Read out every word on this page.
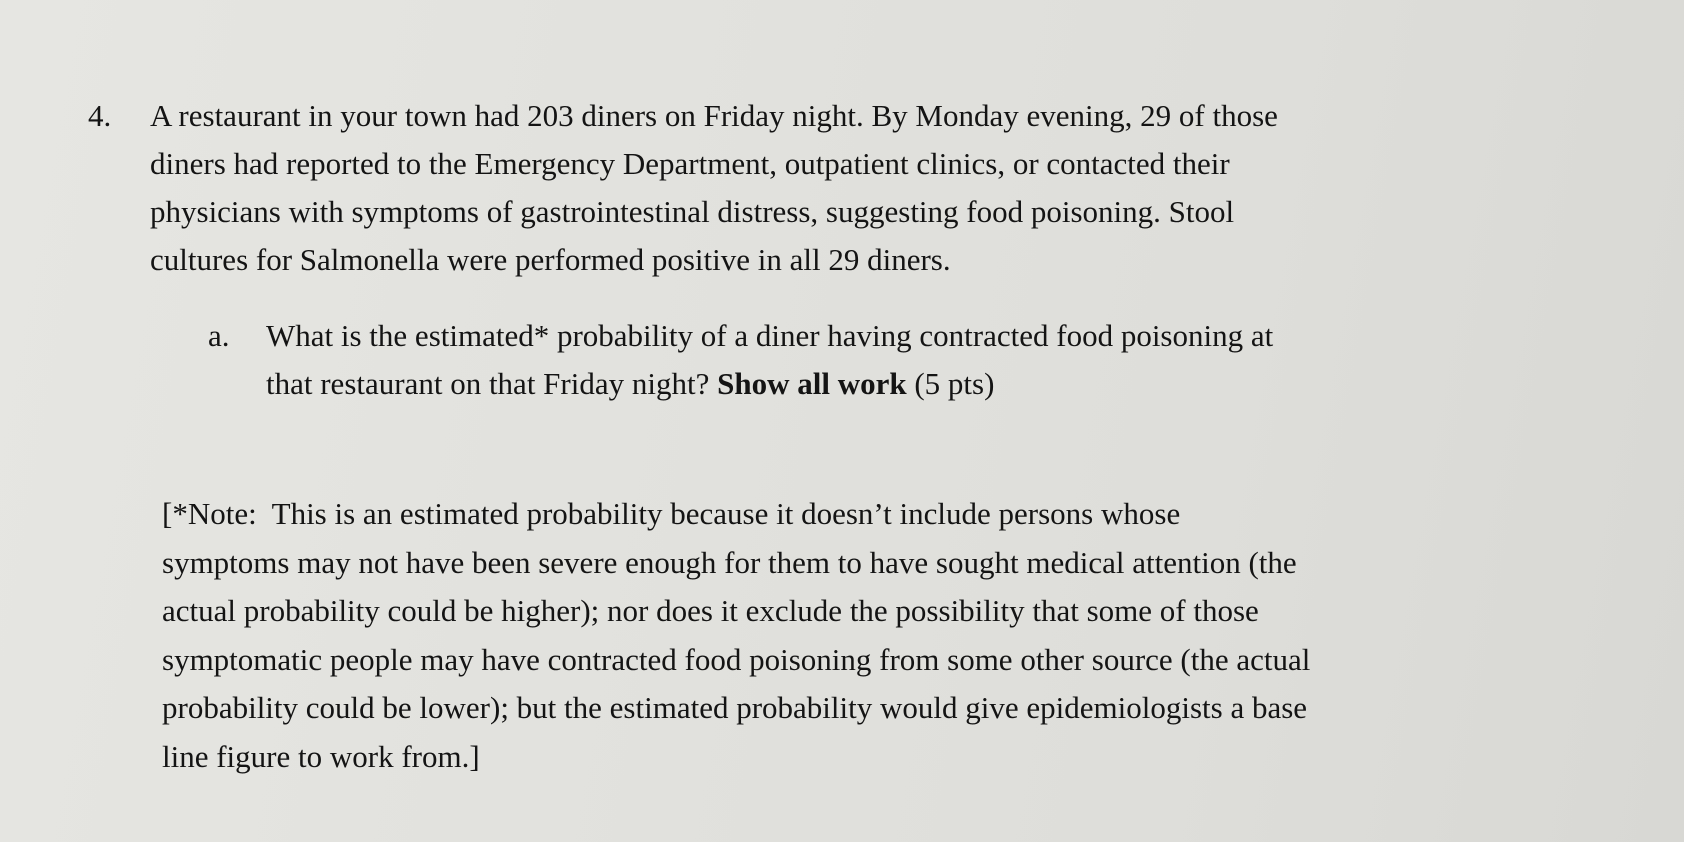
4. A restaurant in your town had 203 diners on Friday night. By Monday evening, 29 of those
diners had reported to the Emergency Department, outpatient clinics, or contacted their
physicians with symptoms of gastrointestinal distress, suggesting food poisoning. Stool
cultures for Salmonella were performed positive in all 29 diners.
a. What is the estimated* probability of a diner having contracted food poisoning at
that restaurant on that Friday night? Show all work (5 pts)
[*Note:  This is an estimated probability because it doesn’t include persons whose
symptoms may not have been severe enough for them to have sought medical attention (the
actual probability could be higher); nor does it exclude the possibility that some of those
symptomatic people may have contracted food poisoning from some other source (the actual
probability could be lower); but the estimated probability would give epidemiologists a base
line figure to work from.]
